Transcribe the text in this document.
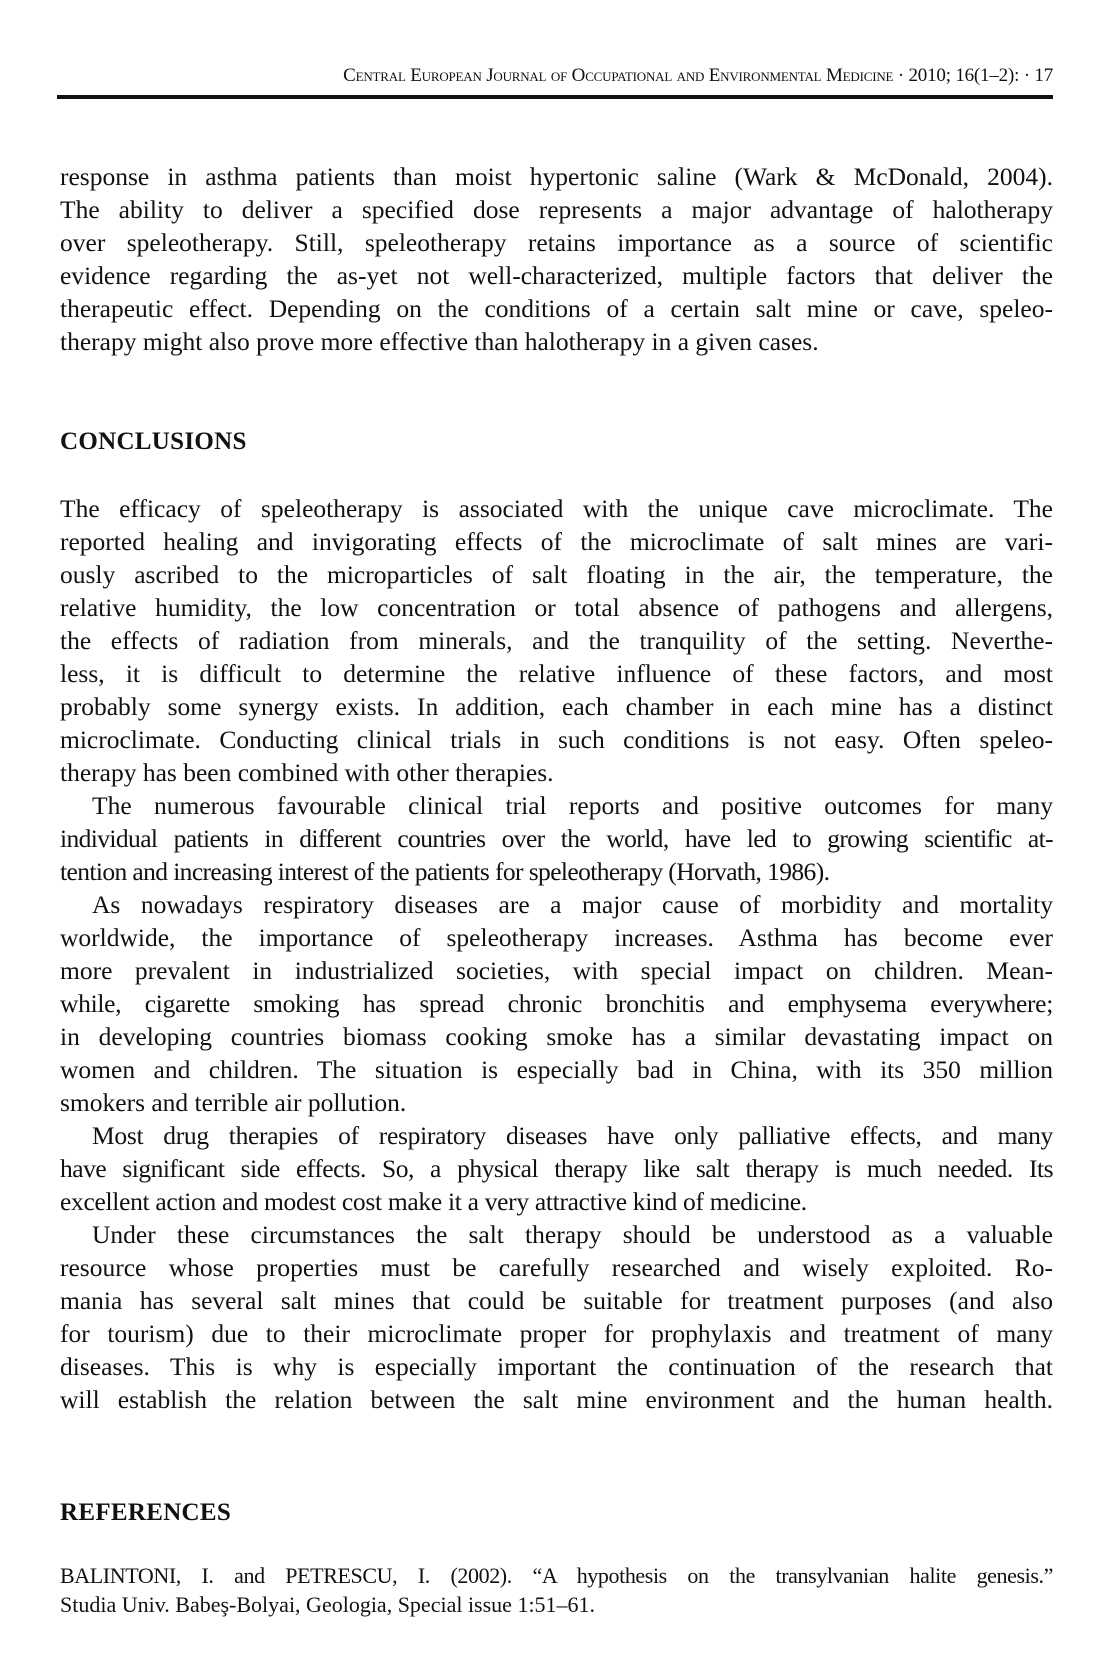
Central European Journal of Occupational and Environmental Medicine · 2010; 16(1–2): · 17
response in asthma patients than moist hypertonic saline (Wark & McDonald, 2004).
The ability to deliver a specified dose represents a major advantage of halotherapy
over speleotherapy. Still, speleotherapy retains importance as a source of scientific
evidence regarding the as-yet not well-characterized, multiple factors that deliver the
therapeutic effect. Depending on the conditions of a certain salt mine or cave, speleo-
therapy might also prove more effective than halotherapy in a given cases.
CONCLUSIONS
The efficacy of speleotherapy is associated with the unique cave microclimate. The
reported healing and invigorating effects of the microclimate of salt mines are vari-
ously ascribed to the microparticles of salt floating in the air, the temperature, the
relative humidity, the low concentration or total absence of pathogens and allergens,
the effects of radiation from minerals, and the tranquility of the setting. Neverthe-
less, it is difficult to determine the relative influence of these factors, and most
probably some synergy exists. In addition, each chamber in each mine has a distinct
microclimate. Conducting clinical trials in such conditions is not easy. Often speleo-
therapy has been combined with other therapies.
The numerous favourable clinical trial reports and positive outcomes for many
individual patients in different countries over the world, have led to growing scientific at-
tention and increasing interest of the patients for speleotherapy (Horvath, 1986).
As nowadays respiratory diseases are a major cause of morbidity and mortality
worldwide, the importance of speleotherapy increases. Asthma has become ever
more prevalent in industrialized societies, with special impact on children. Mean-
while, cigarette smoking has spread chronic bronchitis and emphysema everywhere;
in developing countries biomass cooking smoke has a similar devastating impact on
women and children. The situation is especially bad in China, with its 350 million
smokers and terrible air pollution.
Most drug therapies of respiratory diseases have only palliative effects, and many
have significant side effects. So, a physical therapy like salt therapy is much needed. Its
excellent action and modest cost make it a very attractive kind of medicine.
Under these circumstances the salt therapy should be understood as a valuable
resource whose properties must be carefully researched and wisely exploited. Ro-
mania has several salt mines that could be suitable for treatment purposes (and also
for tourism) due to their microclimate proper for prophylaxis and treatment of many
diseases. This is why is especially important the continuation of the research that
will establish the relation between the salt mine environment and the human health.
REFERENCES
BALINTONI, I. and PETRESCU, I. (2002). “A hypothesis on the transylvanian halite genesis.”
Studia Univ. Babeş-Bolyai, Geologia, Special issue 1:51–61.
